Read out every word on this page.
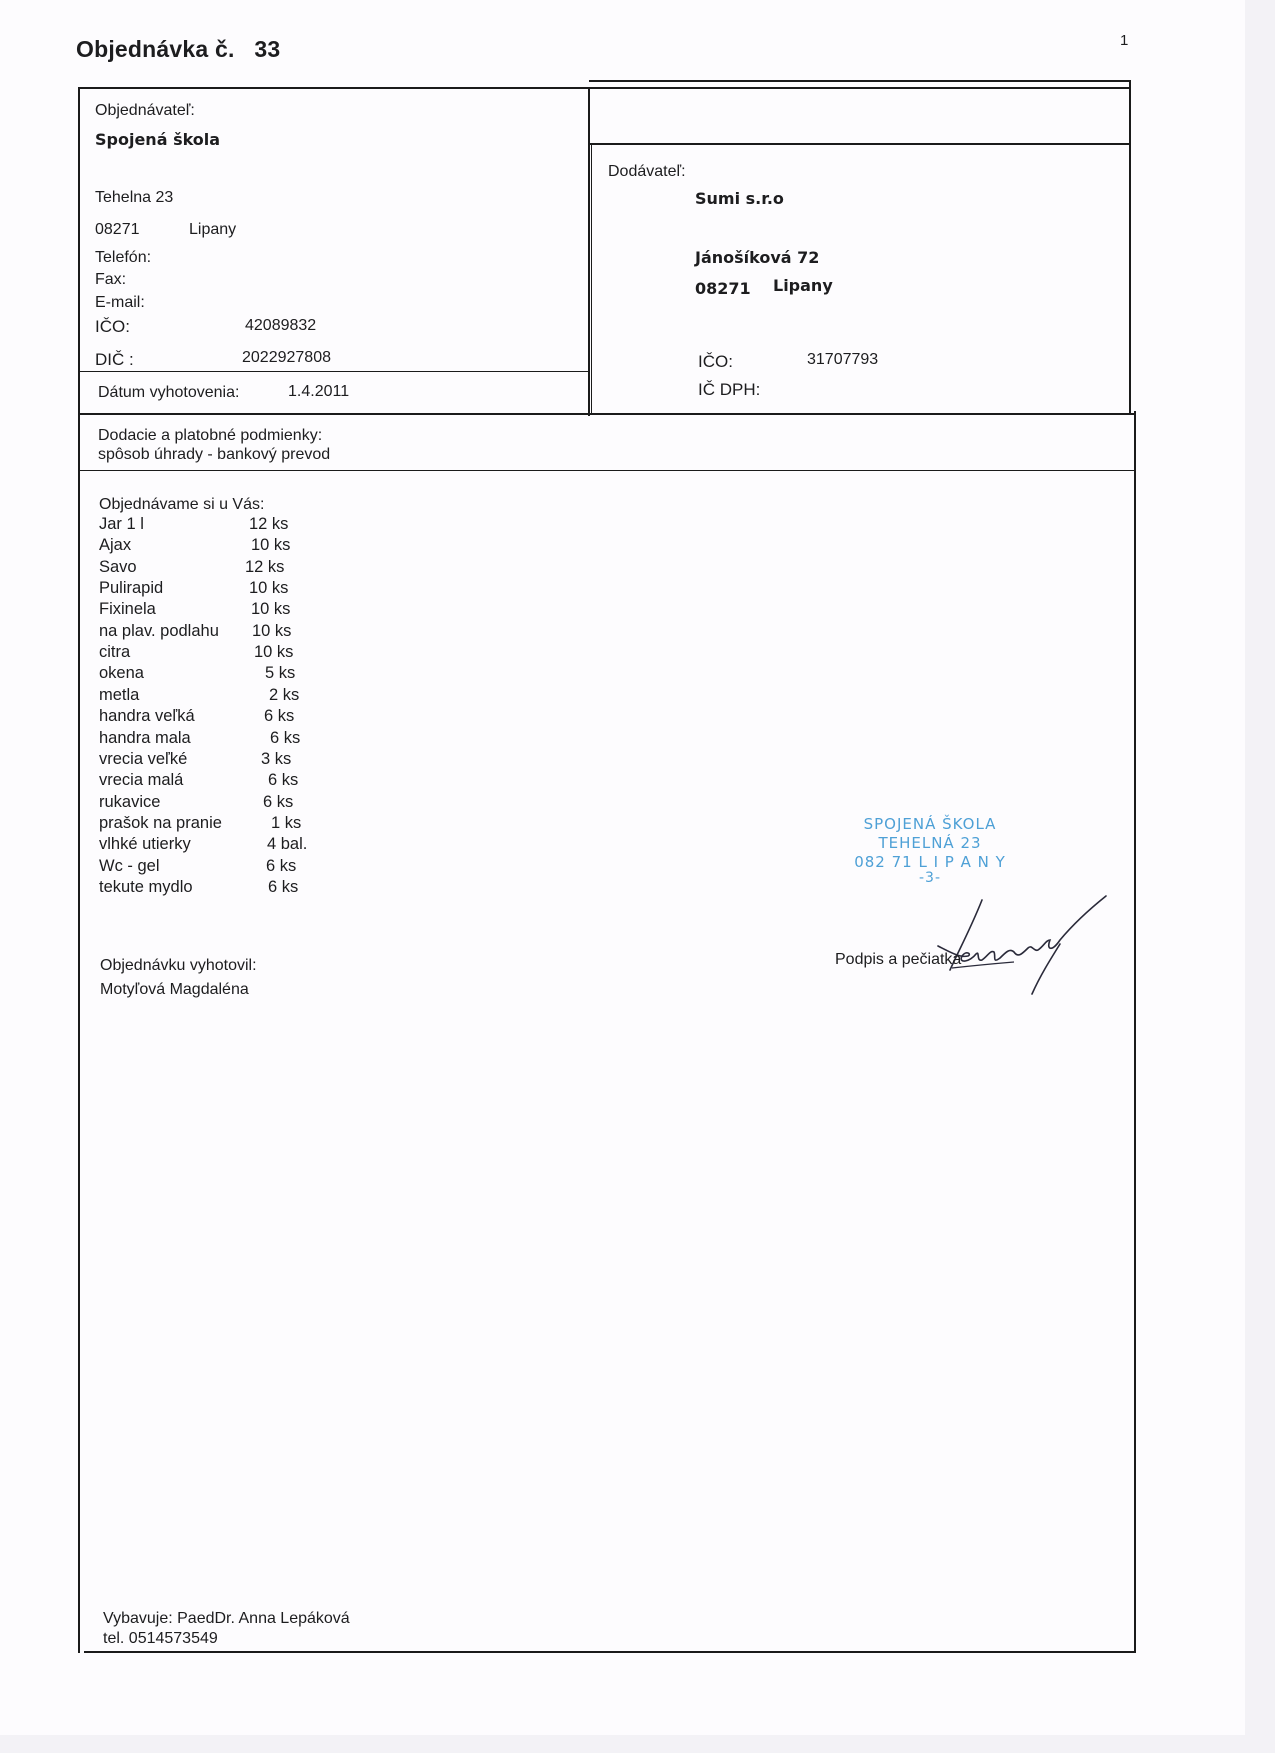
Objednávka č. 33	1
Objednávateľ:
Spojená škola
Tehelna 23
08271	Lipany
Telefón:
Fax:
E-mail:
IČO:	42089832
DIČ :	2022927808
Dátum vyhotovenia:	1.4.2011
Dodávateľ:
Sumi s.r.o
Jánošíková 72
08271 Lipany
IČO:	31707793
IČ DPH:
Dodacie a platobné podmienky:
spôsob úhrady - bankový prevod
Objednávame si u Vás:
Jar 1 l	12 ks
Ajax	10 ks
Savo	12 ks
Pulirapid	10 ks
Fixinela	10 ks
na plav. podlahu 10 ks
citra	10 ks
okena	5 ks
metla	2 ks
handra veľká	6 ks
handra mala	6 ks
vrecia veľké	3 ks
vrecia malá	6 ks
rukavice	6 ks
prašok na pranie	1 ks
vlhké utierky	4 bal.
Wc - gel	6 ks
tekute mydlo	6 ks
SPOJENÁ ŠKOLA
TEHELNÁ 23
082 71 L I P A N Y
-3-
Podpis a pečiatka
Objednávku vyhotovil:
Motyľová Magdaléna
Vybavuje: PaedDr. Anna Lepáková
tel. 0514573549
